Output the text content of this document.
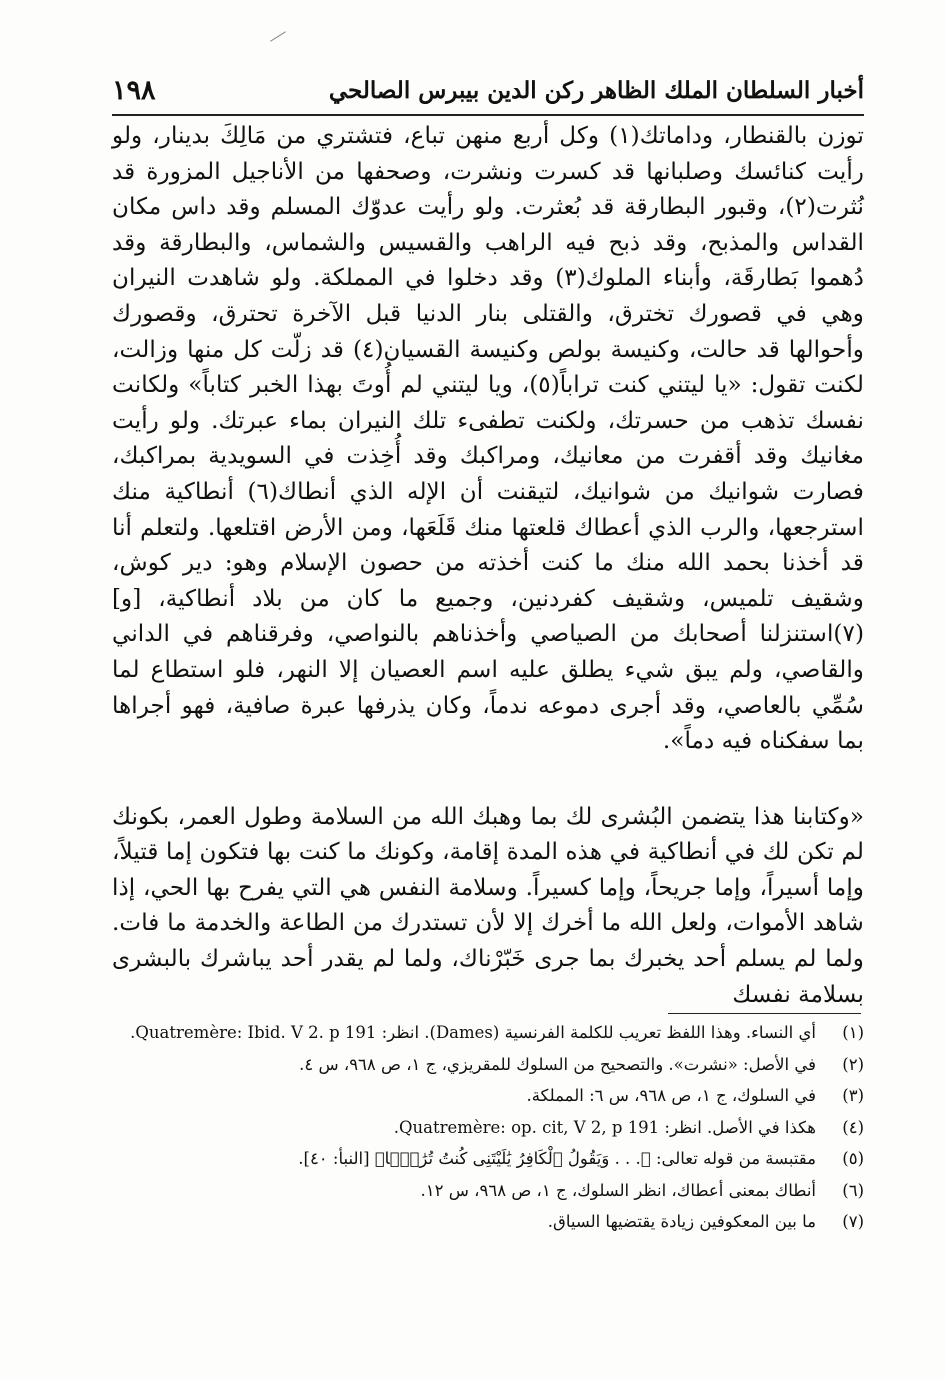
أخبار السلطان الملك الظاهر ركن الدين بيبرس الصالحي
١٩٨

توزن بالقنطار، وداماتك(١) وكل أربع منهن تباع، فتشتري من مَالِكَ بدينار، ولو رأيت كنائسك وصلبانها قد كسرت ونشرت، وصحفها من الأناجيل المزورة قد نُثرت(٢)، وقبور البطارقة قد بُعثرت. ولو رأيت عدوّك المسلم وقد داس مكان القداس والمذبح، وقد ذبح فيه الراهب والقسيس والشماس، والبطارقة وقد دُهموا بَطارقَة، وأبناء الملوك(٣) وقد دخلوا في المملكة. ولو شاهدت النيران وهي في قصورك تخترق، والقتلى بنار الدنيا قبل الآخرة تحترق، وقصورك وأحوالها قد حالت، وكنيسة بولص وكنيسة القسيان(٤) قد زلّت كل منها وزالت، لكنت تقول: «يا ليتني كنت تراباً(٥)، ويا ليتني لم أُوتَ بهذا الخبر كتاباً» ولكانت نفسك تذهب من حسرتك، ولكنت تطفىء تلك النيران بماء عبرتك. ولو رأيت مغانيك وقد أقفرت من معانيك، ومراكبك وقد أُخِذت في السويدية بمراكبك، فصارت شوانيك من شوانيك، لتيقنت أن الإله الذي أنطاك(٦) أنطاكية منك استرجعها، والرب الذي أعطاك قلعتها منك قَلَعَها، ومن الأرض اقتلعها. ولتعلم أنا قد أخذنا بحمد الله منك ما كنت أخذته من حصون الإسلام وهو: دير كوش، وشقيف تلميس، وشقيف كفردنين، وجميع ما كان من بلاد أنطاكية، [و](٧)استنزلنا أصحابك من الصياصي وأخذناهم بالنواصي، وفرقناهم في الداني والقاصي، ولم يبق شيء يطلق عليه اسم العصيان إلا النهر، فلو استطاع لما سُمِّي بالعاصي، وقد أجرى دموعه ندماً، وكان يذرفها عبرة صافية، فهو أجراها بما سفكناه فيه دماً».

«وكتابنا هذا يتضمن البُشرى لك بما وهبك الله من السلامة وطول العمر، بكونك لم تكن لك في أنطاكية في هذه المدة إقامة، وكونك ما كنت بها فتكون إما قتيلاً، وإما أسيراً، وإما جريحاً، وإما كسيراً. وسلامة النفس هي التي يفرح بها الحي، إذا شاهد الأموات، ولعل الله ما أخرك إلا لأن تستدرك من الطاعة والخدمة ما فات. ولما لم يسلم أحد يخبرك بما جرى خَبّرْناك، ولما لم يقدر أحد يباشرك بالبشرى بسلامة نفسك

(١)
أي النساء. وهذا اللفظ تعريب للكلمة الفرنسية (Dames). انظر: Quatremère: Ibid. V 2. p 191.
(٢)
في الأصل: «نشرت». والتصحيح من السلوك للمقريزي، ج ١، ص ٩٦٨، س ٤.
(٣)
في السلوك، ج ١، ص ٩٦٨، س ٦: المملكة.
(٤)
هكذا في الأصل. انظر: Quatremère: op. cit, V 2, p 191.
(٥)
مقتبسة من قوله تعالى: ﴿. . . وَيَقُولُ ٱلْكَافِرُ يَٰلَيْتَنِى كُنتُ تُرَٰبًۢا﴾ [النبأ: ٤٠].
(٦)
أنطاك بمعنى أعطاك، انظر السلوك، ج ١، ص ٩٦٨، س ١٢.
(٧)
ما بين المعكوفين زيادة يقتضيها السياق.
